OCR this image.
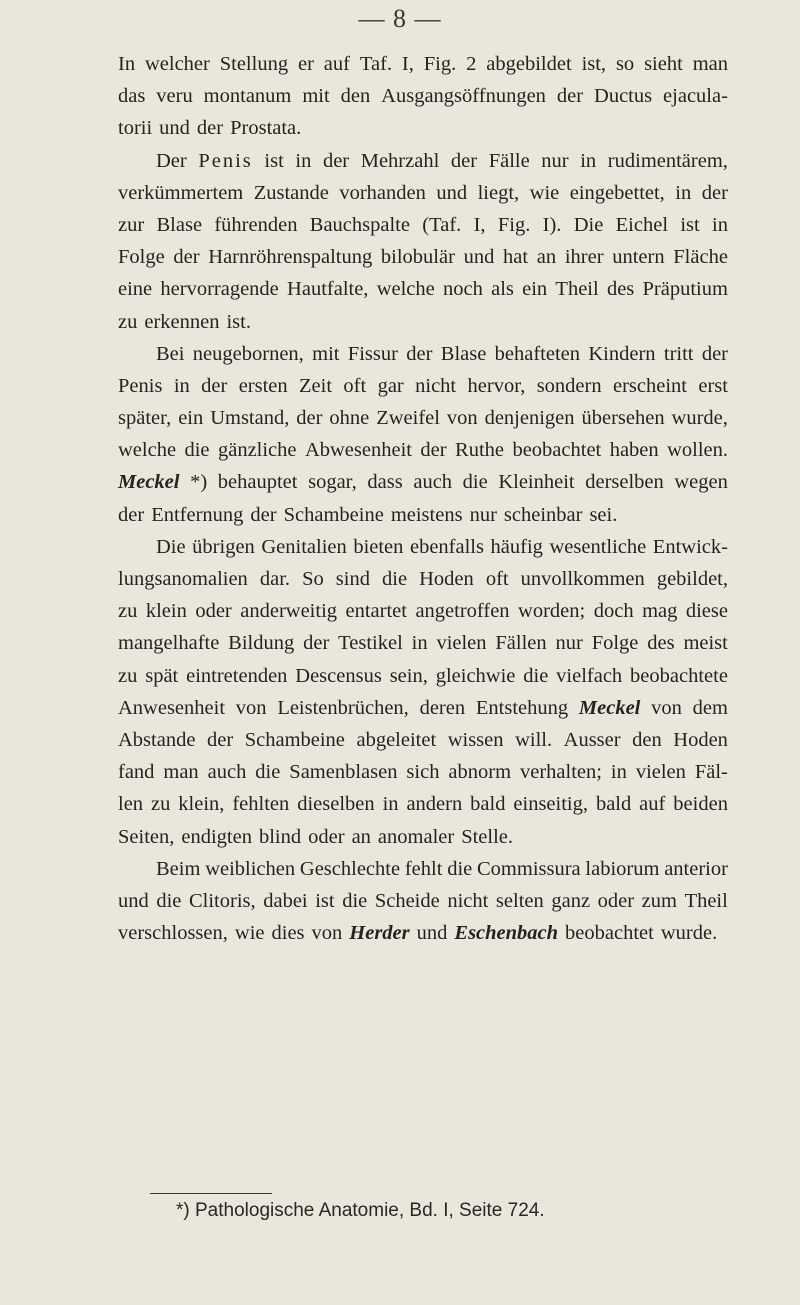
— 8 —
In welcher Stellung er auf Taf. I, Fig. 2 abgebildet ist, so sieht man
das veru montanum mit den Ausgangsöffnungen der Ductus ejacula-
torii und der Prostata.
Der Penis ist in der Mehrzahl der Fälle nur in rudimentärem,
verkümmertem Zustande vorhanden und liegt, wie eingebettet, in der
zur Blase führenden Bauchspalte (Taf. I, Fig. I). Die Eichel ist in
Folge der Harnröhrenspaltung bilobulär und hat an ihrer untern Fläche
eine hervorragende Hautfalte, welche noch als ein Theil des Präputium
zu erkennen ist.
Bei neugebornen, mit Fissur der Blase behafteten Kindern tritt der
Penis in der ersten Zeit oft gar nicht hervor, sondern erscheint erst
später, ein Umstand, der ohne Zweifel von denjenigen übersehen wurde,
welche die gänzliche Abwesenheit der Ruthe beobachtet haben wollen.
Meckel *) behauptet sogar, dass auch die Kleinheit derselben wegen
der Entfernung der Schambeine meistens nur scheinbar sei.
Die übrigen Genitalien bieten ebenfalls häufig wesentliche Entwick-
lungsanomalien dar. So sind die Hoden oft unvollkommen gebildet,
zu klein oder anderweitig entartet angetroffen worden; doch mag diese
mangelhafte Bildung der Testikel in vielen Fällen nur Folge des meist
zu spät eintretenden Descensus sein, gleichwie die vielfach beobachtete
Anwesenheit von Leistenbrüchen, deren Entstehung Meckel von dem
Abstande der Schambeine abgeleitet wissen will. Ausser den Hoden
fand man auch die Samenblasen sich abnorm verhalten; in vielen Fäl-
len zu klein, fehlten dieselben in andern bald einseitig, bald auf beiden
Seiten, endigten blind oder an anomaler Stelle.
Beim weiblichen Geschlechte fehlt die Commissura labiorum anterior
und die Clitoris, dabei ist die Scheide nicht selten ganz oder zum Theil
verschlossen, wie dies von Herder und Eschenbach beobachtet wurde.
*) Pathologische Anatomie, Bd. I, Seite 724.
